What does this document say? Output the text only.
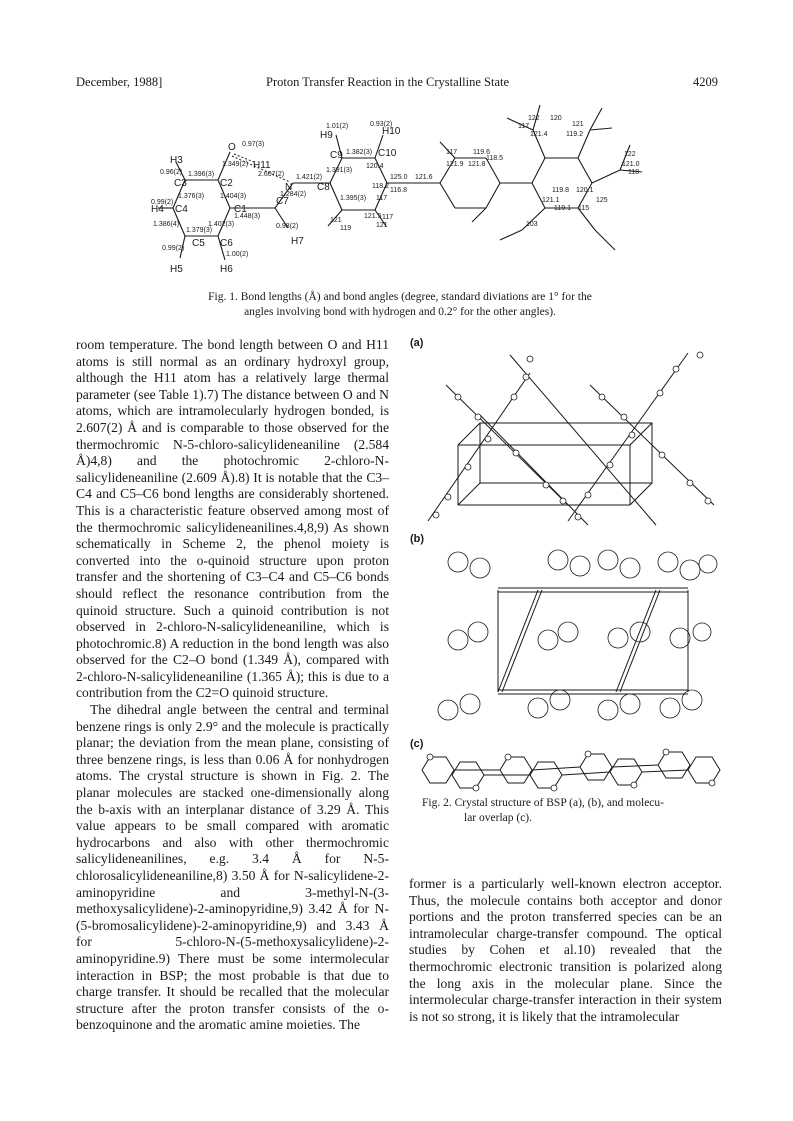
December, 1988]	Proton Transfer Reaction in the Crystalline State	4209
H3
C3	C2
O
H11
N
C1
C7
H4 C4
C5 C6
H5	H6
H7
C8
C9	C10
H9	H10
1.396(3)
0.97(3)
2.607(2) 1.421(2)
1.448(3)
1.379(3)
0.99(2)
1.382(3)
0.96(2)
1.349(2)
1.376(3) 1.404(3)
1.402(3)
1.284(2)
1.386(4)
0.99(2)
1.00(2)
0.98(2)
1.391(3)
1.01(2)	0.93(2)
1.395(3)
120.4
125.0 121.6
116.8
118.2
117
121.5 117
121
121
119
117
121.9
119.6
121.8
118.5
122 120
117
121.4
121
119.2
122
121.0
118
119.8 120.1
121.1	125
119.1 115
103
Fig. 1. Bond lengths (Å) and bond angles (degree, standard diviations are 1° for the
angles involving bond with hydrogen and 0.2° for the other angles).

room temperature. The bond length between O and H11 atoms is still normal as an ordinary hydroxyl group, although the H11 atom has a relatively large thermal parameter (see Table 1).7) The distance between O and N atoms, which are intramolecularly hydrogen bonded, is 2.607(2) Å and is comparable to those observed for the thermochromic N-5-chloro-salicylideneaniline (2.584 Å)4,8) and the photochromic 2-chloro-N-salicylideneaniline (2.609 Å).8) It is notable that the C3–C4 and C5–C6 bond lengths are considerably shortened. This is a characteristic feature observed among most of the thermochromic salicylideneanilines.4,8,9) As shown schematically in Scheme 2, the phenol moiety is converted into the o-quinoid structure upon proton transfer and the shortening of C3–C4 and C5–C6 bonds should reflect the resonance contribution from the quinoid structure. Such a quinoid contribution is not observed in 2-chloro-N-salicylideneaniline, which is photochromic.8) A reduction in the bond length was also observed for the C2–O bond (1.349 Å), compared with 2-chloro-N-salicylideneaniline (1.365 Å); this is due to a contribution from the C2=O quinoid structure.

The dihedral angle between the central and terminal benzene rings is only 2.9° and the molecule is practically planar; the deviation from the mean plane, consisting of three benzene rings, is less than 0.06 Å for nonhydrogen atoms. The crystal structure is shown in Fig. 2. The planar molecules are stacked one-dimensionally along the b-axis with an interplanar distance of 3.29 Å. This value appears to be small compared with aromatic hydrocarbons and also with other thermochromic salicylideneanilines, e.g. 3.4 Å for N-5-chlorosalicylideneaniline,8) 3.50 Å for N-salicylidene-2-aminopyridine and 3-methyl-N-(3-methoxysalicylidene)-2-aminopyridine,9) 3.42 Å for N-(5-bromosalicylidene)-2-aminopyridine,9) and 3.43 Å for 5-chloro-N-(5-methoxysalicylidene)-2-aminopyridine.9) There must be some intermolecular interaction in BSP; the most probable is that due to charge transfer. It should be recalled that the molecular structure after the proton transfer consists of the o-benzoquinone and the aromatic amine moieties. The

(a)
(b)
(c)
Fig. 2. Crystal structure of BSP (a), (b), and molecu-
lar overlap (c).

former is a particularly well-known electron acceptor. Thus, the molecule contains both acceptor and donor portions and the proton transferred species can be an intramolecular charge-transfer compound. The optical studies by Cohen et al.10) revealed that the thermochromic electronic transition is polarized along the long axis in the molecular plane. Since the intermolecular charge-transfer interaction in their system is not so strong, it is likely that the intramolecular
